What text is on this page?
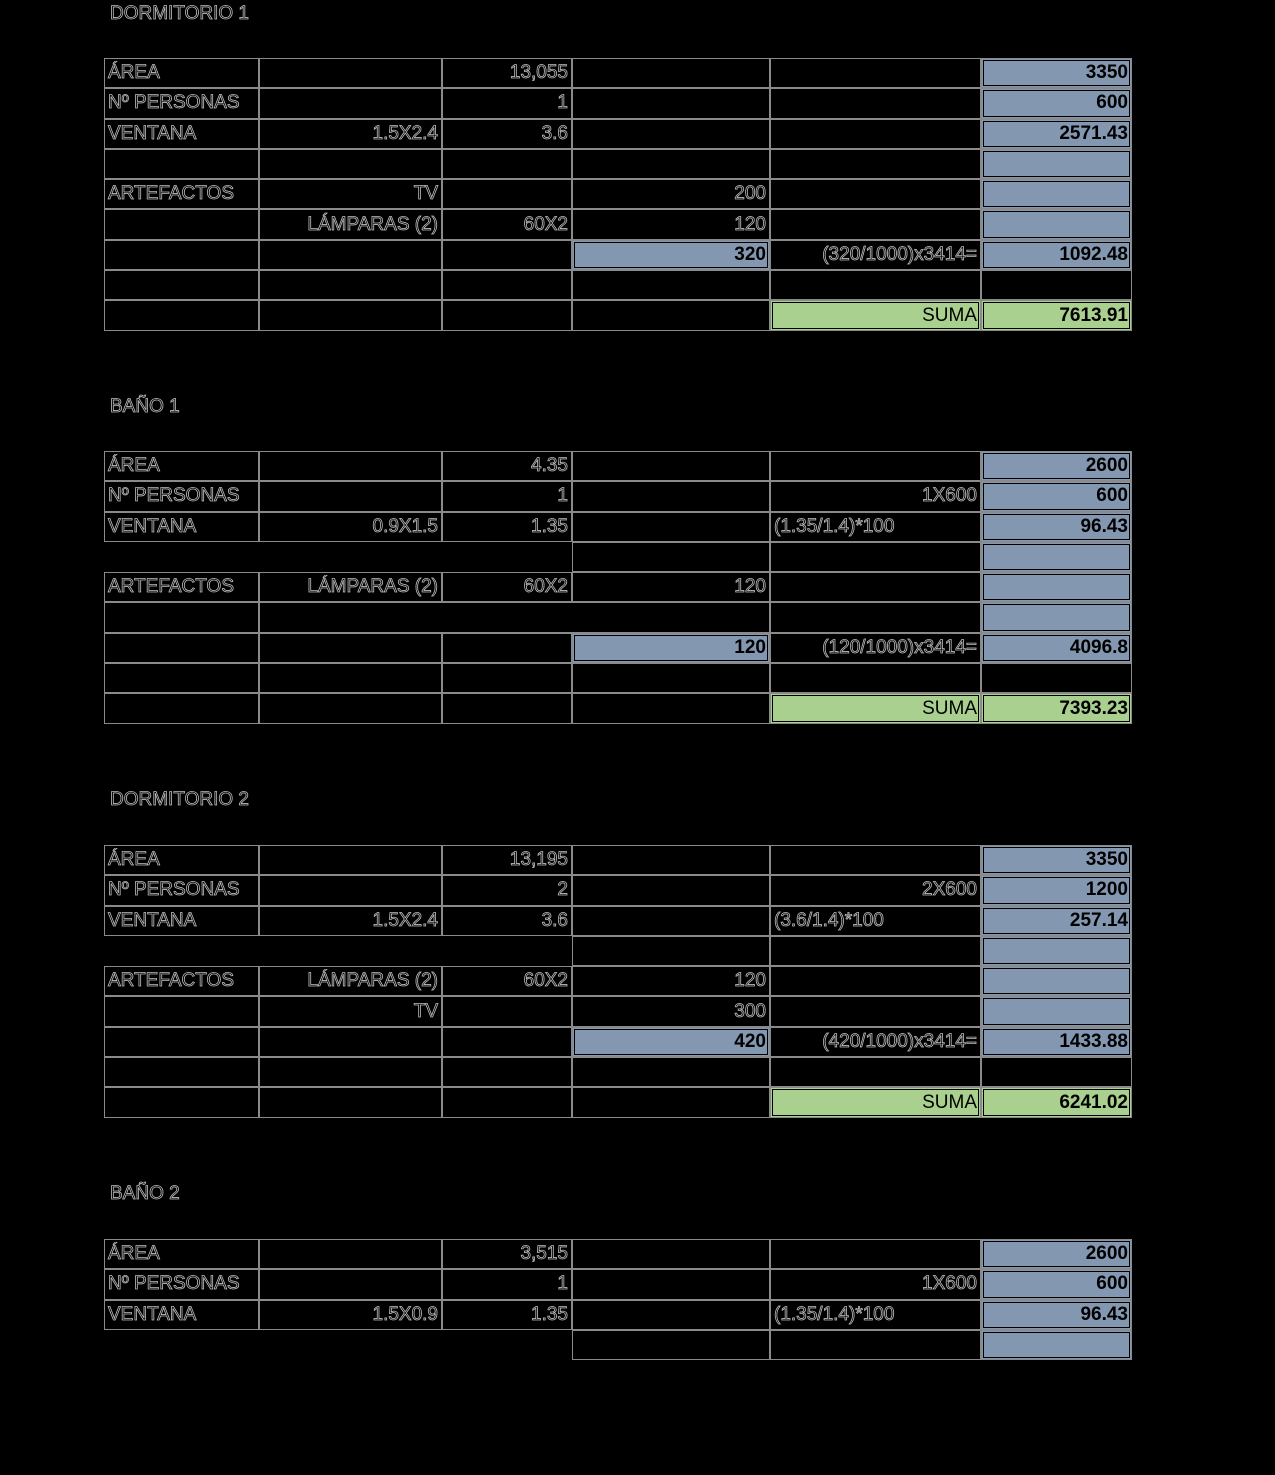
DORMITORIO 1
ÁREA		13,055			3350
Nº PERSONAS		1			600
VENTANA	1.5X2.4	3.6			2571.43

ARTEFACTOS	TV		200		
	LÁMPARAS (2)	60X2	120		
			320	(320/1000)x3414=	1092.48

				SUMA	7613.91
BAÑO 1
ÁREA		4.35			2600
Nº PERSONAS		1		1X600	600
VENTANA	0.9X1.5	1.35		(1.35/1.4)*100	96.43

ARTEFACTOS	LÁMPARAS (2)	60X2	120		

			120	(120/1000)x3414=	4096.8

				SUMA	7393.23
DORMITORIO 2
ÁREA		13,195			3350
Nº PERSONAS		2		2X600	1200
VENTANA	1.5X2.4	3.6		(3.6/1.4)*100	257.14

ARTEFACTOS	LÁMPARAS (2)	60X2	120		
	TV		300		
			420	(420/1000)x3414=	1433.88

				SUMA	6241.02
BAÑO 2
ÁREA		3,515			2600
Nº PERSONAS		1		1X600	600
VENTANA	1.5X0.9	1.35		(1.35/1.4)*100	96.43
